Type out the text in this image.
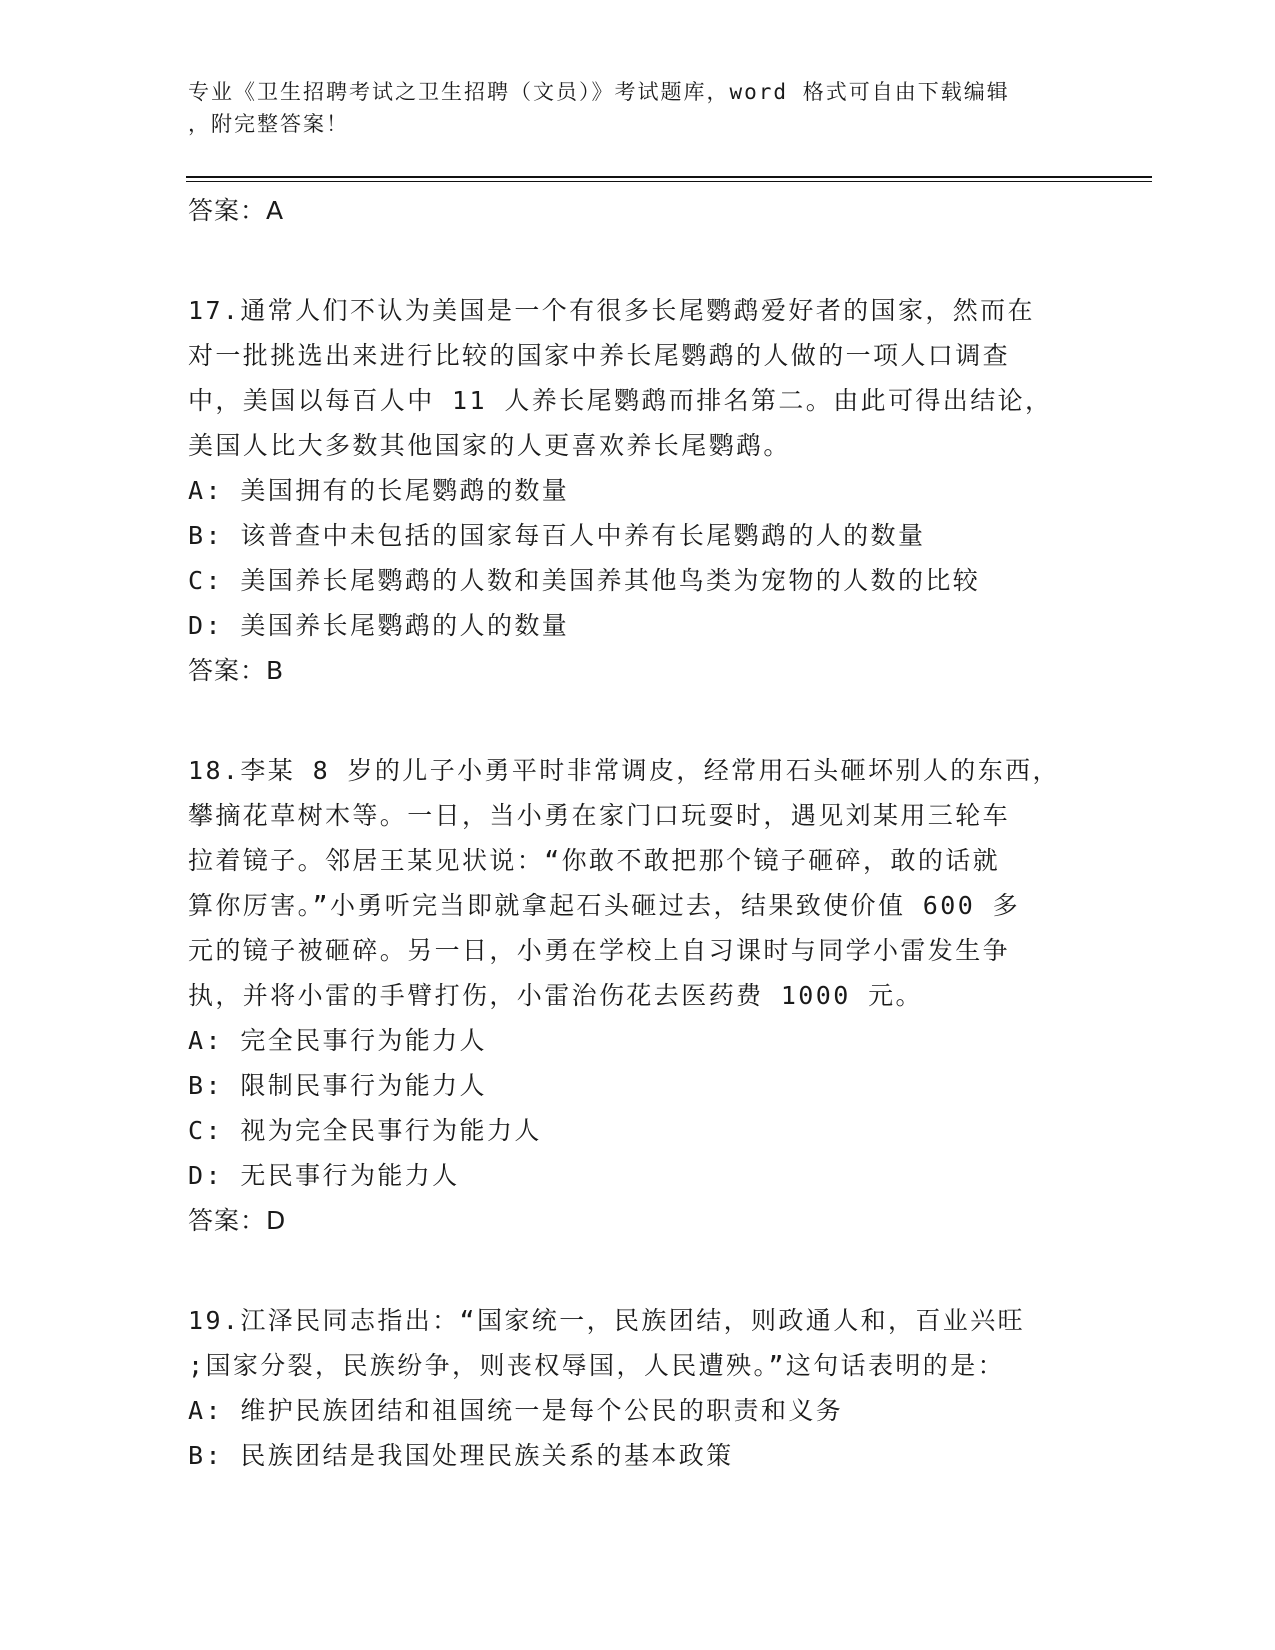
专业《卫生招聘考试之卫生招聘（文员）》考试题库，word 格式可自由下载编辑
，附完整答案！

答案：A

17.通常人们不认为美国是一个有很多长尾鹦鹉爱好者的国家，然而在

对一批挑选出来进行比较的国家中养长尾鹦鹉的人做的一项人口调查

中，美国以每百人中 11 人养长尾鹦鹉而排名第二。由此可得出结论，

美国人比大多数其他国家的人更喜欢养长尾鹦鹉。

A: 美国拥有的长尾鹦鹉的数量

B: 该普查中未包括的国家每百人中养有长尾鹦鹉的人的数量

C: 美国养长尾鹦鹉的人数和美国养其他鸟类为宠物的人数的比较

D: 美国养长尾鹦鹉的人的数量

答案：B

18.李某 8 岁的儿子小勇平时非常调皮，经常用石头砸坏别人的东西，

攀摘花草树木等。一日，当小勇在家门口玩耍时，遇见刘某用三轮车

拉着镜子。邻居王某见状说：“你敢不敢把那个镜子砸碎，敢的话就

算你厉害。”小勇听完当即就拿起石头砸过去，结果致使价值 600 多

元的镜子被砸碎。另一日，小勇在学校上自习课时与同学小雷发生争

执，并将小雷的手臂打伤，小雷治伤花去医药费 1000 元。

A: 完全民事行为能力人

B: 限制民事行为能力人

C: 视为完全民事行为能力人

D: 无民事行为能力人

答案：D

19.江泽民同志指出：“国家统一，民族团结，则政通人和，百业兴旺

;国家分裂，民族纷争，则丧权辱国，人民遭殃。”这句话表明的是：

A: 维护民族团结和祖国统一是每个公民的职责和义务

B: 民族团结是我国处理民族关系的基本政策
